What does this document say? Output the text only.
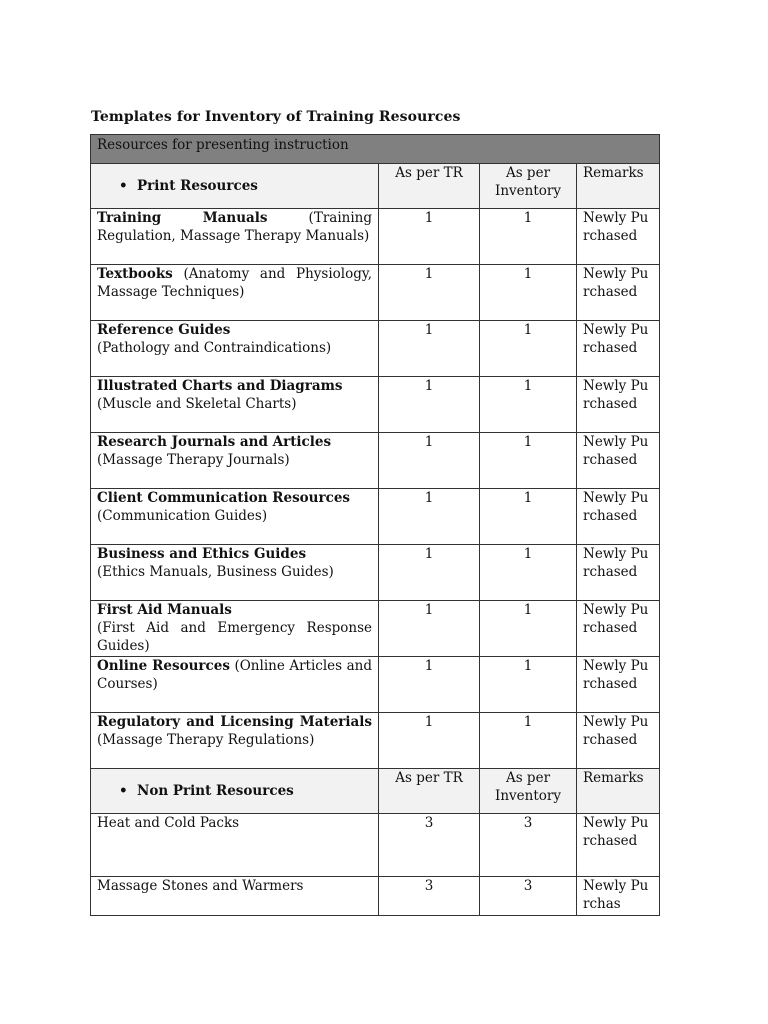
Templates for Inventory of Training Resources
Resources for presenting instruction			

• Print Resources	As per TR	As per Inventory	Remarks
Training Manuals (Training Regulation, Massage Therapy Manuals)	1	1	Newly Purchased
Textbooks (Anatomy and Physiology, Massage Techniques)	1	1	Newly Purchased
Reference Guides
(Pathology and Contraindications)	1	1	Newly Purchased
Illustrated Charts and Diagrams
(Muscle and Skeletal Charts)	1	1	Newly Purchased
Research Journals and Articles
(Massage Therapy Journals)	1	1	Newly Purchased
Client Communication Resources
(Communication Guides)	1	1	Newly Purchased
Business and Ethics Guides
(Ethics Manuals, Business Guides)	1	1	Newly Purchased
First Aid Manuals
(First Aid and Emergency Response Guides)	1	1	Newly Purchased
Online Resources (Online Articles and Courses)	1	1	Newly Purchased
Regulatory and Licensing Materials (Massage Therapy Regulations)	1	1	Newly Purchased
• Non Print Resources	As per TR	As per Inventory	Remarks
Heat and Cold Packs	3	3	Newly Purchased
Massage Stones and Warmers	3	3	Newly Purchas
